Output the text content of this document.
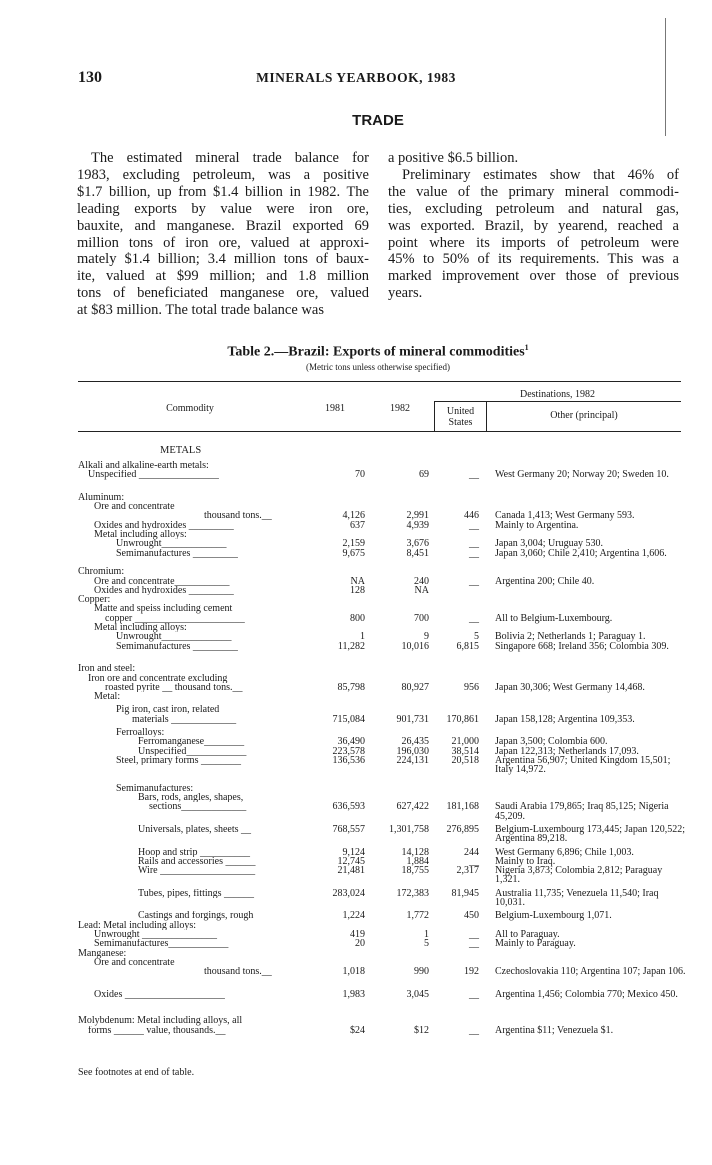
130	MINERALS YEARBOOK, 1983
TRADE
The estimated mineral trade balance for
1983, excluding petroleum, was a positive
$1.7 billion, up from $1.4 billion in 1982. The
leading exports by value were iron ore,
bauxite, and manganese. Brazil exported 69
million tons of iron ore, valued at approxi-
mately $1.4 billion; 3.4 million tons of baux-
ite, valued at $99 million; and 1.8 million
tons of beneficiated manganese ore, valued
at $83 million. The total trade balance was
a positive $6.5 billion.
Preliminary estimates show that 46% of
the value of the primary mineral commodi-
ties, excluding petroleum and natural gas,
was exported. Brazil, by yearend, reached a
point where its imports of petroleum were
45% to 50% of its requirements. This was a
marked improvement over those of previous
years.
Table 2.—Brazil: Exports of mineral commodities$^1$
(Metric tons unless otherwise specified)
Commodity	1981	1982
Destinations, 1982
United
States
Other (principal)
METALS
Alkali and alkaline-earth metals:
Unspecified ________________	70	69	__ West Germany 20; Norway 20; Sweden 10.
Aluminum:
Ore and concentrate
thousand tons.__	4,126	2,991	446 Canada 1,413; West Germany 593.
Oxides and hydroxides _________	637	4,939	__ Mainly to Argentina.
Metal including alloys:
Unwrought_____________	2,159	3,676	__ Japan 3,004; Uruguay 530.
Semimanufactures _________	9,675	8,451	__ Japan 3,060; Chile 2,410; Argentina 1,606.
Chromium:
Ore and concentrate___________	NA	240	__ Argentina 200; Chile 40.
Oxides and hydroxides _________	128	NA
Copper:
Matte and speiss including cement
copper ______________________	800	700	__ All to Belgium-Luxembourg.
Metal including alloys:
Unwrought______________	1	9	5 Bolivia 2; Netherlands 1; Paraguay 1.
Semimanufactures _________	11,282	10,016	6,815 Singapore 668; Ireland 356; Colombia 309.
Iron and steel:
Iron ore and concentrate excluding
roasted pyrite __ thousand tons.__	85,798	80,927	956 Japan 30,306; West Germany 14,468.
Metal:
Pig iron, cast iron, related
materials _____________	715,084	901,731	170,861 Japan 158,128; Argentina 109,353.
Ferroalloys:
Ferromanganese________	36,490	26,435	21,000 Japan 3,500; Colombia 600.
Unspecified____________	223,578	196,030	38,514 Japan 122,313; Netherlands 17,093.
Steel, primary forms ________	136,536	224,131	20,518 Argentina 56,907; United Kingdom 15,501; Italy 14,972.
Semimanufactures:
Bars, rods, angles, shapes,
sections_____________	636,593	627,422	181,168 Saudi Arabia 179,865; Iraq 85,125; Nigeria 45,209.
Universals, plates, sheets __	768,557	1,301,758	276,895 Belgium-Luxembourg 173,445; Japan 120,522; Argentina 89,218.
Hoop and strip __________	9,124	14,128	244 West Germany 6,896; Chile 1,003.
Rails and accessories ______	12,745	1,884	__ Mainly to Iraq.
Wire ___________________	21,481	18,755	2,317 Nigeria 3,873; Colombia 2,812; Paraguay 1,321.
Tubes, pipes, fittings ______	283,024	172,383	81,945 Australia 11,735; Venezuela 11,540; Iraq 10,031.
Castings and forgings, rough	1,224	1,772	450 Belgium-Luxembourg 1,071.
Lead: Metal including alloys:
Unwrought _______________	419	1	__ All to Paraguay.
Semimanufactures____________	20	5	__ Mainly to Paraguay.
Manganese:
Ore and concentrate
thousand tons.__	1,018	990	192 Czechoslovakia 110; Argentina 107; Japan 106.
Oxides ____________________	1,983	3,045	__ Argentina 1,456; Colombia 770; Mexico 450.
Molybdenum: Metal including alloys, all
forms ______ value, thousands.__	$24	$12	__ Argentina $11; Venezuela $1.
See footnotes at end of table.
